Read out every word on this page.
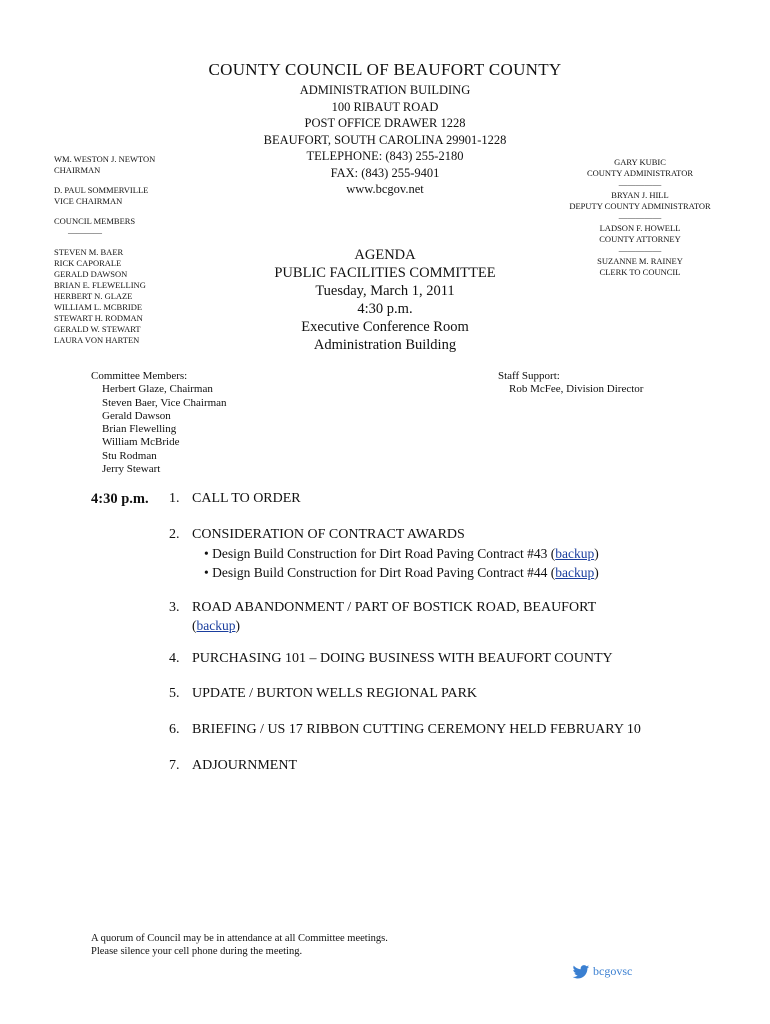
COUNTY COUNCIL OF BEAUFORT COUNTY
ADMINISTRATION BUILDING
100 RIBAUT ROAD
POST OFFICE DRAWER 1228
BEAUFORT, SOUTH CAROLINA 29901-1228
TELEPHONE: (843) 255-2180
FAX: (843) 255-9401
www.bcgov.net
WM. WESTON J. NEWTON
CHAIRMAN
D. PAUL SOMMERVILLE
VICE CHAIRMAN
COUNCIL MEMBERS
————
STEVEN M. BAER
RICK CAPORALE
GERALD DAWSON
BRIAN E. FLEWELLING
HERBERT N. GLAZE
WILLIAM L. MCBRIDE
STEWART H. RODMAN
GERALD W. STEWART
LAURA VON HARTEN
GARY KUBIC
COUNTY ADMINISTRATOR
—————
BRYAN J. HILL
DEPUTY COUNTY ADMINISTRATOR
—————
LADSON F. HOWELL
COUNTY ATTORNEY
—————
SUZANNE M. RAINEY
CLERK TO COUNCIL
AGENDA
PUBLIC FACILITIES COMMITTEE
Tuesday, March 1, 2011
4:30 p.m.
Executive Conference Room
Administration Building
Committee Members:
Herbert Glaze, Chairman
Steven Baer, Vice Chairman
Gerald Dawson
Brian Flewelling
William McBride
Stu Rodman
Jerry Stewart
Staff Support:
Rob McFee, Division Director
4:30 p.m. 1. CALL TO ORDER
2. CONSIDERATION OF CONTRACT AWARDS
• Design Build Construction for Dirt Road Paving Contract #43 (backup)
• Design Build Construction for Dirt Road Paving Contract #44 (backup)
3. ROAD ABANDONMENT / PART OF BOSTICK ROAD, BEAUFORT
(backup)
4. PURCHASING 101 – DOING BUSINESS WITH BEAUFORT COUNTY
5. UPDATE / BURTON WELLS REGIONAL PARK
6. BRIEFING / US 17 RIBBON CUTTING CEREMONY HELD FEBRUARY 10
7. ADJOURNMENT
A quorum of Council may be in attendance at all Committee meetings.
Please silence your cell phone during the meeting.
bcgovsc
